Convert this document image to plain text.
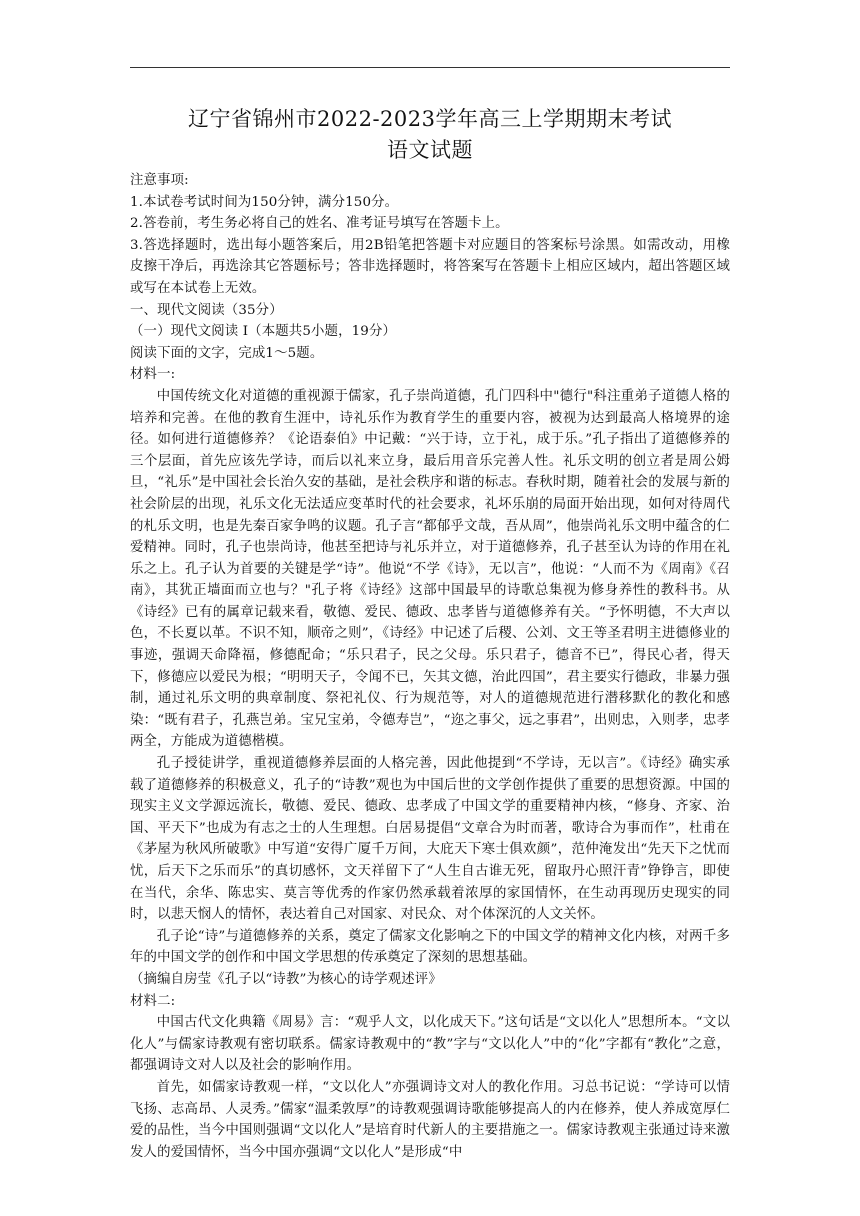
辽宁省锦州市2022-2023学年高三上学期期末考试
语文试题

注意事项:

1.本试卷考试时间为150分钟，满分150分。

2.答卷前，考生务必将自己的姓名、准考证号填写在答题卡上。

3.答选择题时，选出每小题答案后，用2B铅笔把答题卡对应题目的答案标号涂黑。如需改动，用橡皮擦干净后，再选涂其它答题标号；答非选择题时，将答案写在答题卡上相应区域内，超出答题区域或写在本试卷上无效。

一、现代文阅读（35分）

（一）现代文阅读 I（本题共5小题，19分）

阅读下面的文字，完成1～5题。

材料一:

中国传统文化对道德的重视源于儒家，孔子崇尚道德，孔门四科中"德行"科注重弟子道德人格的培养和完善。在他的教育生涯中，诗礼乐作为教育学生的重要内容，被视为达到最高人格境界的途径。如何进行道德修养？《论语泰伯》中记戴：“兴于诗，立于礼，成于乐。”孔子指出了道德修养的三个层面，首先应该先学诗，而后以礼来立身，最后用音乐完善人性。礼乐文明的创立者是周公姆旦，“礼乐”是中国社会长治久安的基础，是社会秩序和谐的标志。春秋时期，随着社会的发展与新的社会阶层的出现，礼乐文化无法适应变革时代的社会要求，礼坏乐崩的局面开始出现，如何对待周代的札乐文明，也是先秦百家争鸣的议题。孔子言“都郁乎文哉，吾从周”，他崇尚礼乐文明中蕴含的仁爱精神。同时，孔子也崇尚诗，他甚至把诗与礼乐并立，对于道德修养，孔子甚至认为诗的作用在礼乐之上。孔子认为首要的关键是学“诗”。他说“不学《诗》，无以言”，他说：“人而不为《周南》《召南》，其犹正墙面而立也与？"孔子将《诗经》这部中国最早的诗歌总集视为修身养性的教科书。从《诗经》已有的属章记载来看，敬德、爱民、德政、忠孝皆与道德修养有关。“予怀明德，不大声以色，不长夏以革。不识不知，顺帝之则”，《诗经》中记述了后稷、公刘、文王等圣君明主进德修业的事迹，强调天命降福，修德配命；“乐只君子，民之父母。乐只君子，德音不已”，得民心者，得天下，修德应以爱民为根；“明明天子，令闻不已，矢其文德，治此四国”，君主要实行德政，非暴力强制，通过礼乐文明的典章制度、祭祀礼仪、行为规范等，对人的道德规范进行潜移默化的教化和感染：“既有君子，孔燕岂弟。宝兄宝弟，令德寿岂”，“迩之事父，远之事君”，出则忠，入则孝，忠孝两全，方能成为道德楷模。

孔子授徒讲学，重视道德修养层面的人格完善，因此他提到“不学诗，无以言”。《诗经》确实承载了道德修养的积极意义，孔子的“诗教”观也为中国后世的文学创作提供了重要的思想资源。中国的现实主义文学源远流长，敬德、爱民、德政、忠孝成了中国文学的重要精神内核，“修身、齐家、治国、平天下”也成为有志之士的人生理想。白居易提倡“文章合为时而著，歌诗合为事而作”，杜甫在《茅屋为秋风所破歌》中写道“安得广厦千万间，大庇天下寒士俱欢颜”，范仲淹发出“先天下之忧而忧，后天下之乐而乐”的真切感怀，文天祥留下了“人生自古谁无死，留取丹心照汗青”铮铮言，即使在当代，余华、陈忠实、莫言等优秀的作家仍然承载着浓厚的家国情怀，在生动再现历史现实的同时，以悲天悯人的情怀，表达着自己对国家、对民众、对个体深沉的人文关怀。

孔子论“诗”与道德修养的关系，奠定了儒家文化影响之下的中国文学的精神文化内核，对两千多年的中国文学的创作和中国文学思想的传承奠定了深刻的思想基础。

（摘编自房莹《孔子以“诗教”为核心的诗学观述评》

材料二:

中国古代文化典籍《周易》言：“观乎人文，以化成天下。”这句话是“文以化人”思想所本。“文以化人”与儒家诗教观有密切联系。儒家诗教观中的“教”字与“文以化人”中的“化”字都有“教化”之意，都强调诗文对人以及社会的影响作用。

首先，如儒家诗教观一样，“文以化人”亦强调诗文对人的教化作用。习总书记说：“学诗可以情飞扬、志高昂、人灵秀。”儒家“温柔敦厚”的诗教观强调诗歌能够提高人的内在修养，使人养成宽厚仁爱的品性，当今中国则强调“文以化人”是培育时代新人的主要措施之一。儒家诗教观主张通过诗来激发人的爱国情怀，当今中国亦强调“文以化人”是形成“中
